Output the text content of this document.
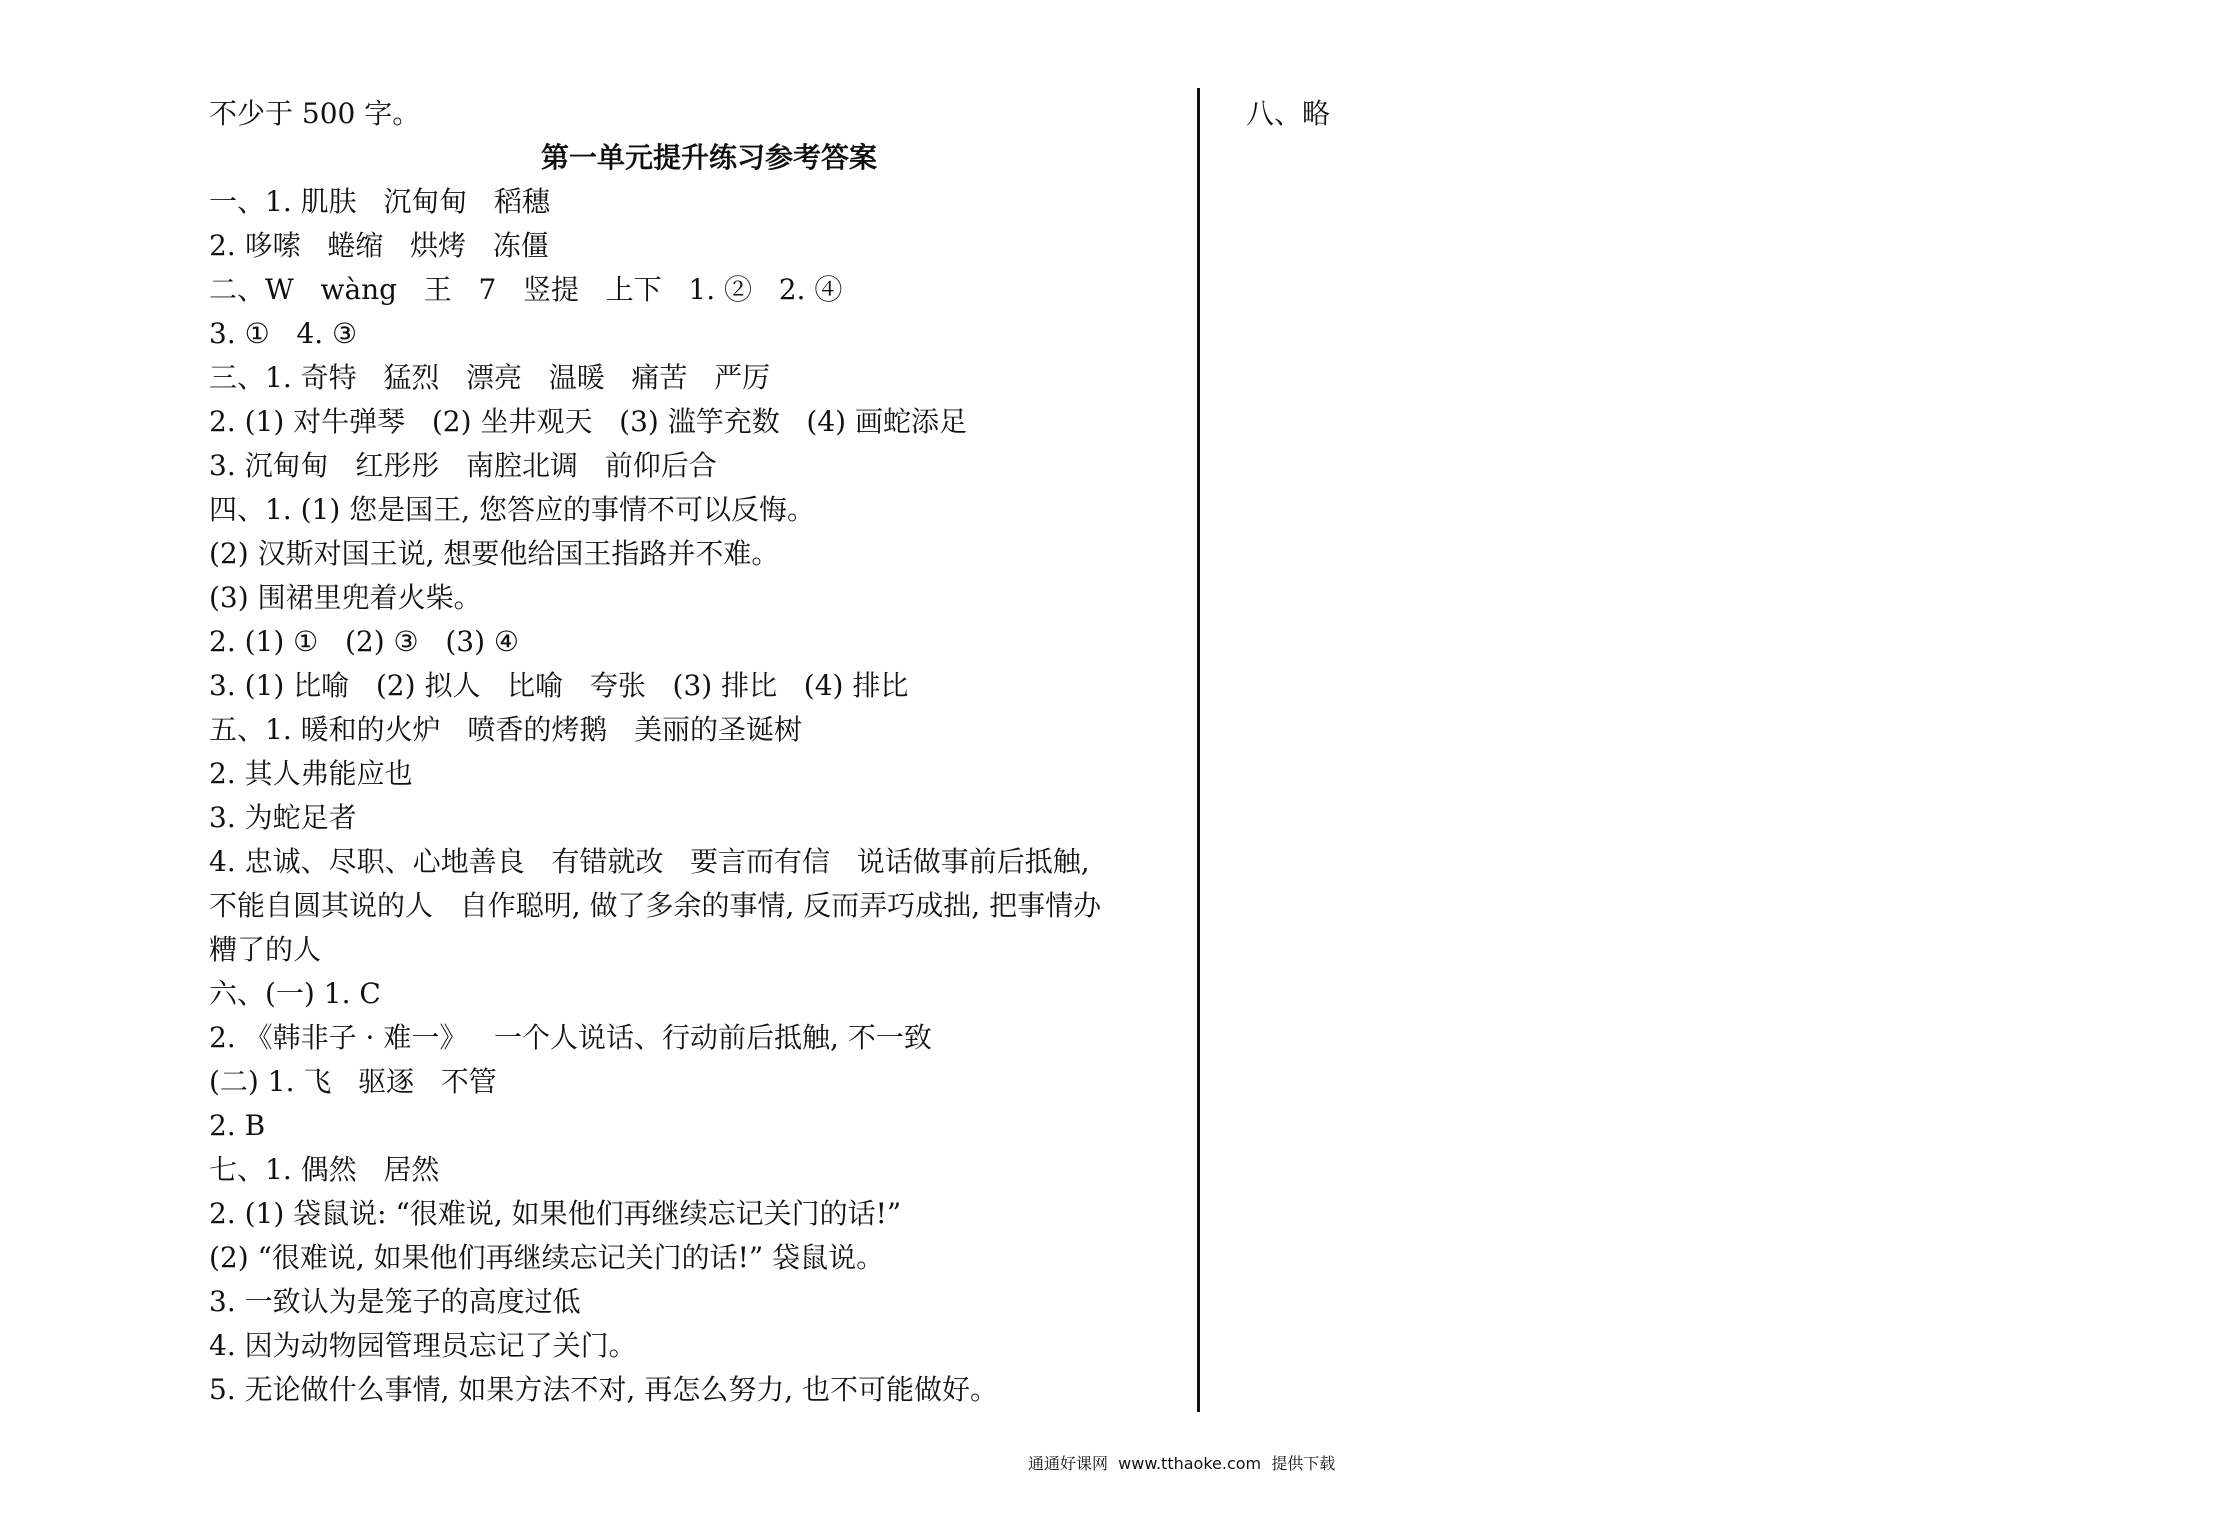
不少于 500 字。
第一单元提升练习参考答案
一、1. 肌肤   沉甸甸   稻穗
2. 哆嗦   蜷缩   烘烤   冻僵
二、W   wàng   王   7   竖提   上下   1. ②   2. ④
3. ①   4. ③
三、1. 奇特   猛烈   漂亮   温暖   痛苦   严厉
2. (1) 对牛弹琴   (2) 坐井观天   (3) 滥竽充数   (4) 画蛇添足
3. 沉甸甸   红彤彤   南腔北调   前仰后合
四、1. (1) 您是国王, 您答应的事情不可以反悔。
(2) 汉斯对国王说, 想要他给国王指路并不难。
(3) 围裙里兜着火柴。
2. (1) ①   (2) ③   (3) ④
3. (1) 比喻   (2) 拟人   比喻   夸张   (3) 排比   (4) 排比
五、1. 暖和的火炉   喷香的烤鹅   美丽的圣诞树
2. 其人弗能应也
3. 为蛇足者
4. 忠诚、尽职、心地善良   有错就改   要言而有信   说话做事前后抵触,
不能自圆其说的人   自作聪明, 做了多余的事情, 反而弄巧成拙, 把事情办
糟了的人
六、(一) 1. C
2. 《韩非子 · 难一》   一个人说话、行动前后抵触, 不一致
(二) 1. 飞   驱逐   不管
2. B
七、1. 偶然   居然
2. (1) 袋鼠说: “很难说, 如果他们再继续忘记关门的话!”
(2) “很难说, 如果他们再继续忘记关门的话!” 袋鼠说。
3. 一致认为是笼子的高度过低
4. 因为动物园管理员忘记了关门。
5. 无论做什么事情, 如果方法不对, 再怎么努力, 也不可能做好。
八、略
通通好课网  www.tthaoke.com  提供下载
